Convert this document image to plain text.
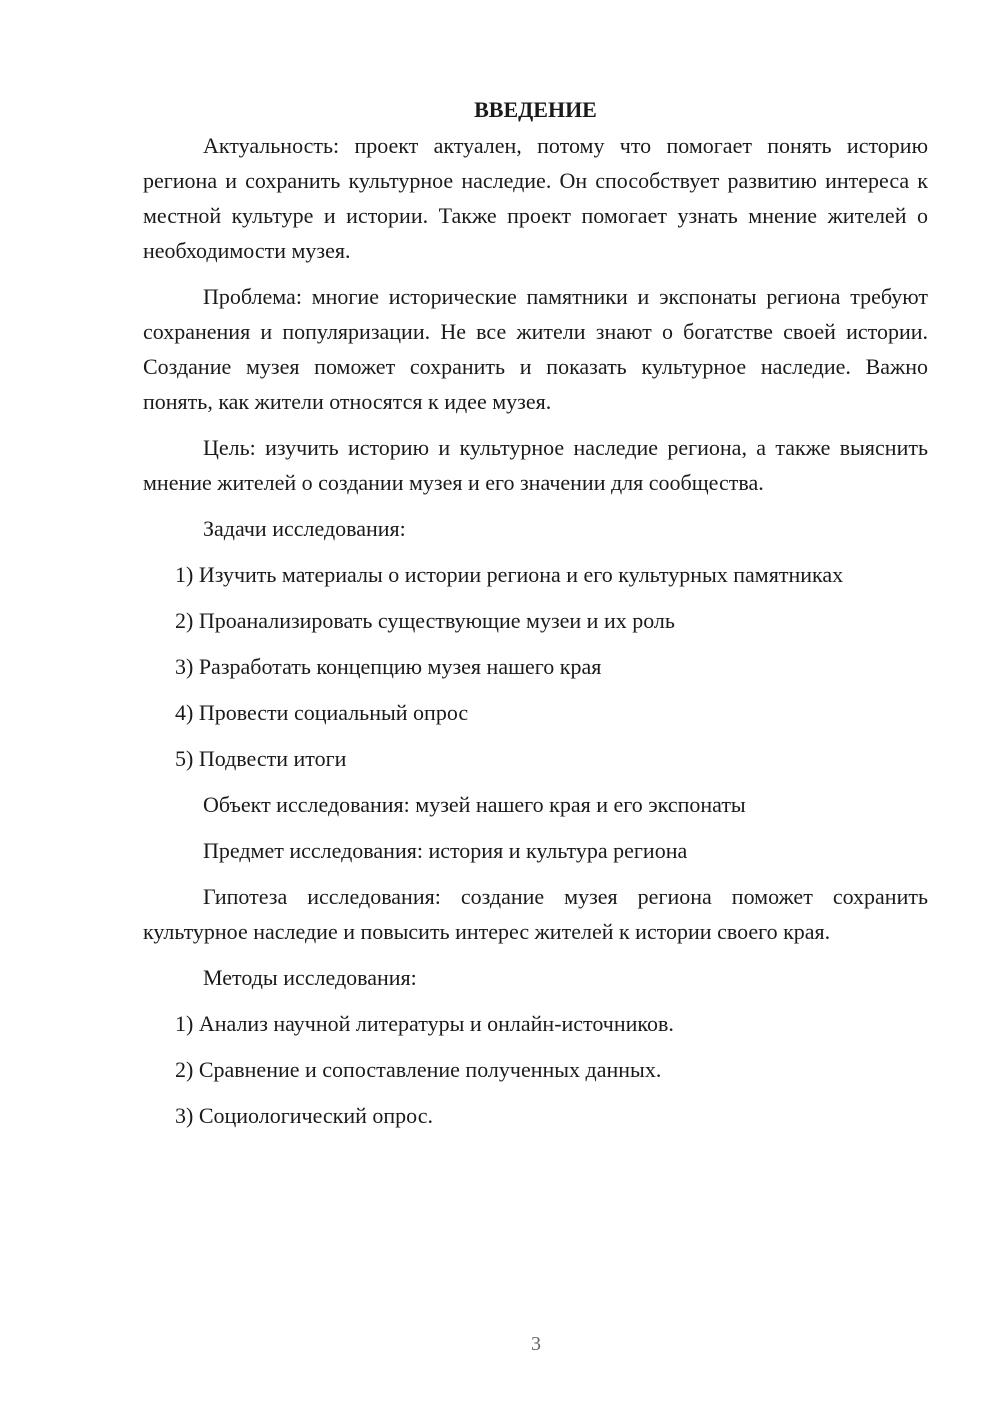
ВВЕДЕНИЕ

Актуальность: проект актуален, потому что помогает понять историю региона и сохранить культурное наследие. Он способствует развитию интереса к местной культуре и истории. Также проект помогает узнать мнение жителей о необходимости музея.

Проблема: многие исторические памятники и экспонаты региона требуют сохранения и популяризации. Не все жители знают о богатстве своей истории. Создание музея поможет сохранить и показать культурное наследие. Важно понять, как жители относятся к идее музея.

Цель: изучить историю и культурное наследие региона, а также выяснить мнение жителей о создании музея и его значении для сообщества.

Задачи исследования:

1) Изучить материалы о истории региона и его культурных памятниках

2) Проанализировать существующие музеи и их роль

3) Разработать концепцию музея нашего края

4) Провести социальный опрос

5) Подвести итоги

Объект исследования: музей нашего края и его экспонаты

Предмет исследования: история и культура региона

Гипотеза исследования: создание музея региона поможет сохранить культурное наследие и повысить интерес жителей к истории своего края.

Методы исследования:

1) Анализ научной литературы и онлайн-источников.

2) Сравнение и сопоставление полученных данных.

3) Социологический опрос.

3
